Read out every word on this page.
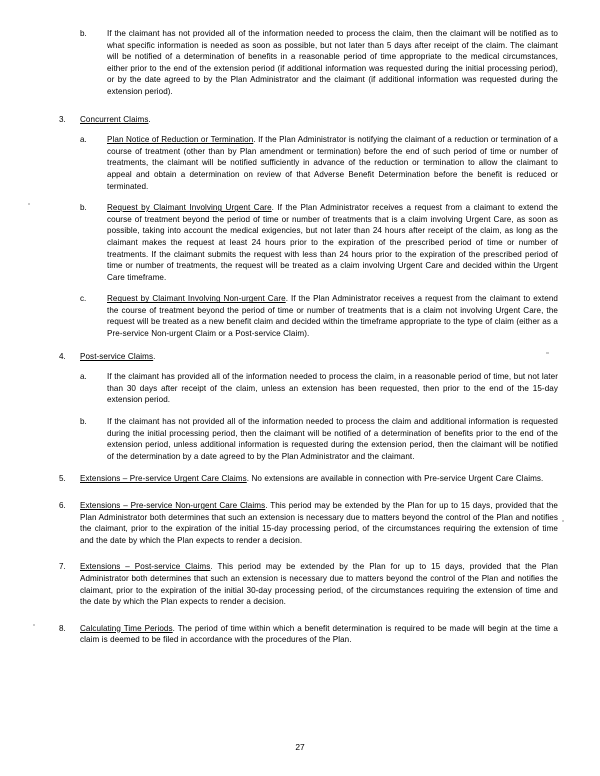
b.	If the claimant has not provided all of the information needed to process the claim, then the claimant will be notified as to what specific information is needed as soon as possible, but not later than 5 days after receipt of the claim. The claimant will be notified of a determination of benefits in a reasonable period of time appropriate to the medical circumstances, either prior to the end of the extension period (if additional information was requested during the initial processing period), or by the date agreed to by the Plan Administrator and the claimant (if additional information was requested during the extension period).

3.	Concurrent Claims.

a.	Plan Notice of Reduction or Termination. If the Plan Administrator is notifying the claimant of a reduction or termination of a course of treatment (other than by Plan amendment or termination) before the end of such period of time or number of treatments, the claimant will be notified sufficiently in advance of the reduction or termination to allow the claimant to appeal and obtain a determination on review of that Adverse Benefit Determination before the benefit is reduced or terminated.

b.	Request by Claimant Involving Urgent Care. If the Plan Administrator receives a request from a claimant to extend the course of treatment beyond the period of time or number of treatments that is a claim involving Urgent Care, as soon as possible, taking into account the medical exigencies, but not later than 24 hours after receipt of the claim, as long as the claimant makes the request at least 24 hours prior to the expiration of the prescribed period of time or number of treatments. If the claimant submits the request with less than 24 hours prior to the expiration of the prescribed period of time or number of treatments, the request will be treated as a claim involving Urgent Care and decided within the Urgent Care timeframe.

c.	Request by Claimant Involving Non-urgent Care. If the Plan Administrator receives a request from the claimant to extend the course of treatment beyond the period of time or number of treatments that is a claim not involving Urgent Care, the request will be treated as a new benefit claim and decided within the timeframe appropriate to the type of claim (either as a Pre-service Non-urgent Claim or a Post-service Claim).

4.	Post-service Claims.

a.	If the claimant has provided all of the information needed to process the claim, in a reasonable period of time, but not later than 30 days after receipt of the claim, unless an extension has been requested, then prior to the end of the 15-day extension period.

b.	If the claimant has not provided all of the information needed to process the claim and additional information is requested during the initial processing period, then the claimant will be notified of a determination of benefits prior to the end of the extension period, unless additional information is requested during the extension period, then the claimant will be notified of the determination by a date agreed to by the Plan Administrator and the claimant.

5.	Extensions – Pre-service Urgent Care Claims. No extensions are available in connection with Pre-service Urgent Care Claims.

6.	Extensions – Pre-service Non-urgent Care Claims. This period may be extended by the Plan for up to 15 days, provided that the Plan Administrator both determines that such an extension is necessary due to matters beyond the control of the Plan and notifies the claimant, prior to the expiration of the initial 15-day processing period, of the circumstances requiring the extension of time and the date by which the Plan expects to render a decision.

7.	Extensions – Post-service Claims. This period may be extended by the Plan for up to 15 days, provided that the Plan Administrator both determines that such an extension is necessary due to matters beyond the control of the Plan and notifies the claimant, prior to the expiration of the initial 30-day processing period, of the circumstances requiring the extension of time and the date by which the Plan expects to render a decision.

8.	Calculating Time Periods. The period of time within which a benefit determination is required to be made will begin at the time a claim is deemed to be filed in accordance with the procedures of the Plan.

27
